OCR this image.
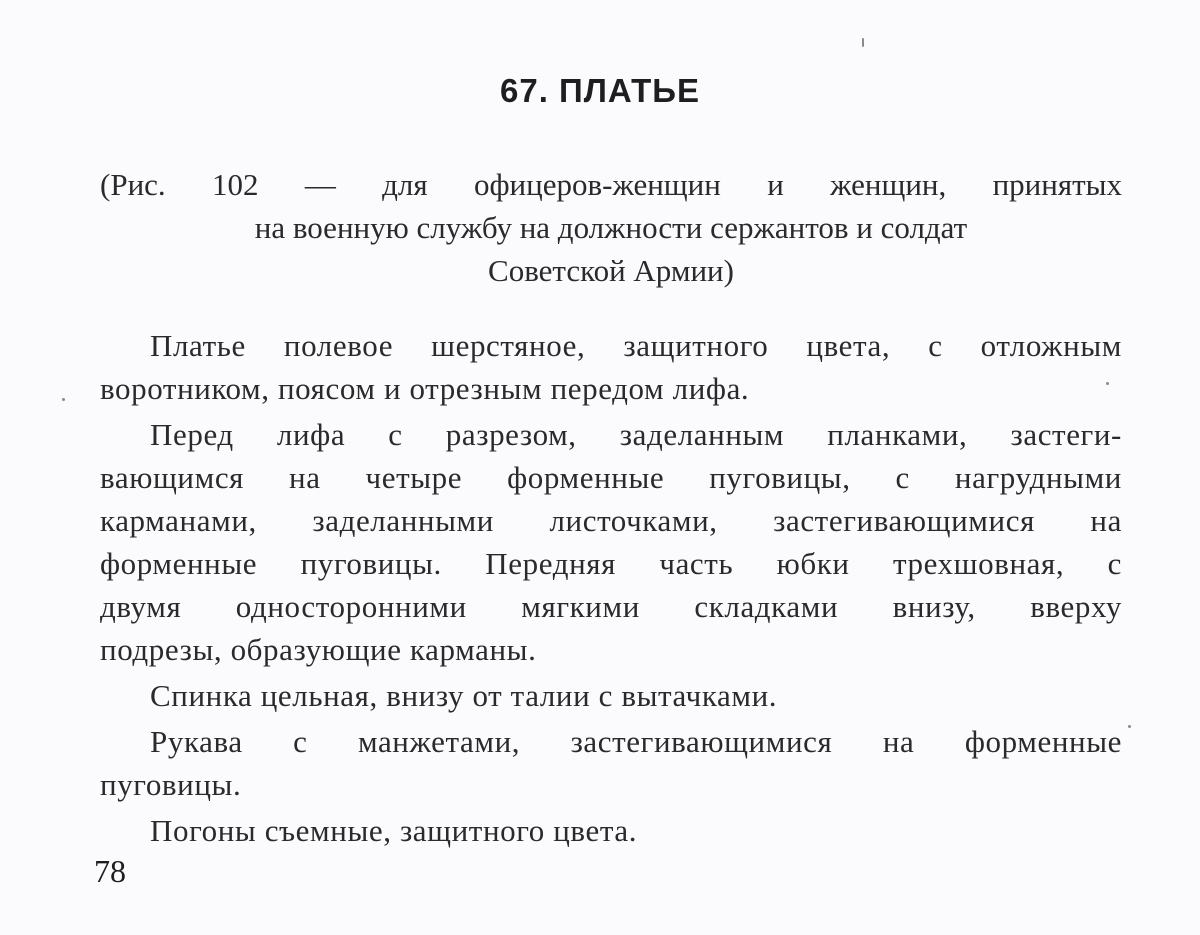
67. ПЛАТЬЕ
(Рис. 102 — для офицеров-женщин и женщин, принятых
на военную службу на должности сержантов и солдат
Советской Армии)
Платье полевое шерстяное, защитного цвета, с отложным
воротником, поясом и отрезным передом лифа.
Перед лифа с разрезом, заделанным планками, застеги-
вающимся на четыре форменные пуговицы, с нагрудными
карманами, заделанными листочками, застегивающимися на
форменные пуговицы. Передняя часть юбки трехшовная, с
двумя односторонними мягкими складками внизу, вверху
подрезы, образующие карманы.
Спинка цельная, внизу от талии с вытачками.
Рукава с манжетами, застегивающимися на форменные
пуговицы.
Погоны съемные, защитного цвета.
78
